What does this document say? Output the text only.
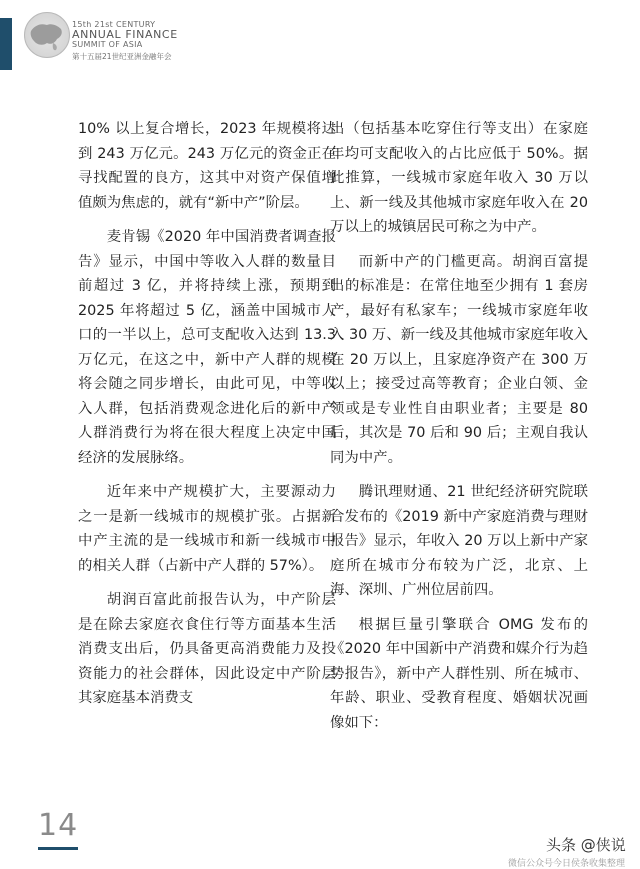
15th 21st CENTURY
ANNUAL FINANCE
SUMMIT OF ASIA
第十五届21世纪亚洲金融年会

10% 以上复合增长，2023 年规模将达到 243 万亿元。243 万亿元的资金正在寻找配置的良方，这其中对资产保值增值颇为焦虑的，就有“新中产”阶层。

麦肯锡《2020 年中国消费者调查报告》显示，中国中等收入人群的数量目前超过 3 亿，并将持续上涨，预期到 2025 年将超过 5 亿，涵盖中国城市人口的一半以上，总可支配收入达到 13.3 万亿元，在这之中，新中产人群的规模将会随之同步增长，由此可见，中等收入人群，包括消费观念进化后的新中产人群消费行为将在很大程度上决定中国经济的发展脉络。

近年来中产规模扩大，主要源动力之一是新一线城市的规模扩张。占据新中产主流的是一线城市和新一线城市中的相关人群（占新中产人群的 57%）。

胡润百富此前报告认为，中产阶层是在除去家庭衣食住行等方面基本生活消费支出后，仍具备更高消费能力及投资能力的社会群体，因此设定中产阶层其家庭基本消费支

出（包括基本吃穿住行等支出）在家庭年均可支配收入的占比应低于 50%。据此推算，一线城市家庭年收入 30 万以上、新一线及其他城市家庭年收入在 20 万以上的城镇居民可称之为中产。

而新中产的门槛更高。胡润百富提出的标准是：在常住地至少拥有 1 套房产，最好有私家车；一线城市家庭年收入 30 万、新一线及其他城市家庭年收入在 20 万以上，且家庭净资产在 300 万以上；接受过高等教育；企业白领、金领或是专业性自由职业者；主要是 80 后，其次是 70 后和 90 后；主观自我认同为中产。

腾讯理财通、21 世纪经济研究院联合发布的《2019 新中产家庭消费与理财报告》显示，年收入 20 万以上新中产家庭所在城市分布较为广泛，北京、上海、深圳、广州位居前四。

根据巨量引擎联合 OMG 发布的《2020 年中国新中产消费和媒介行为趋势报告》，新中产人群性别、所在城市、年龄、职业、受教育程度、婚姻状况画像如下：

14
头条 @侠说
微信公众号今日侯条收集整理
